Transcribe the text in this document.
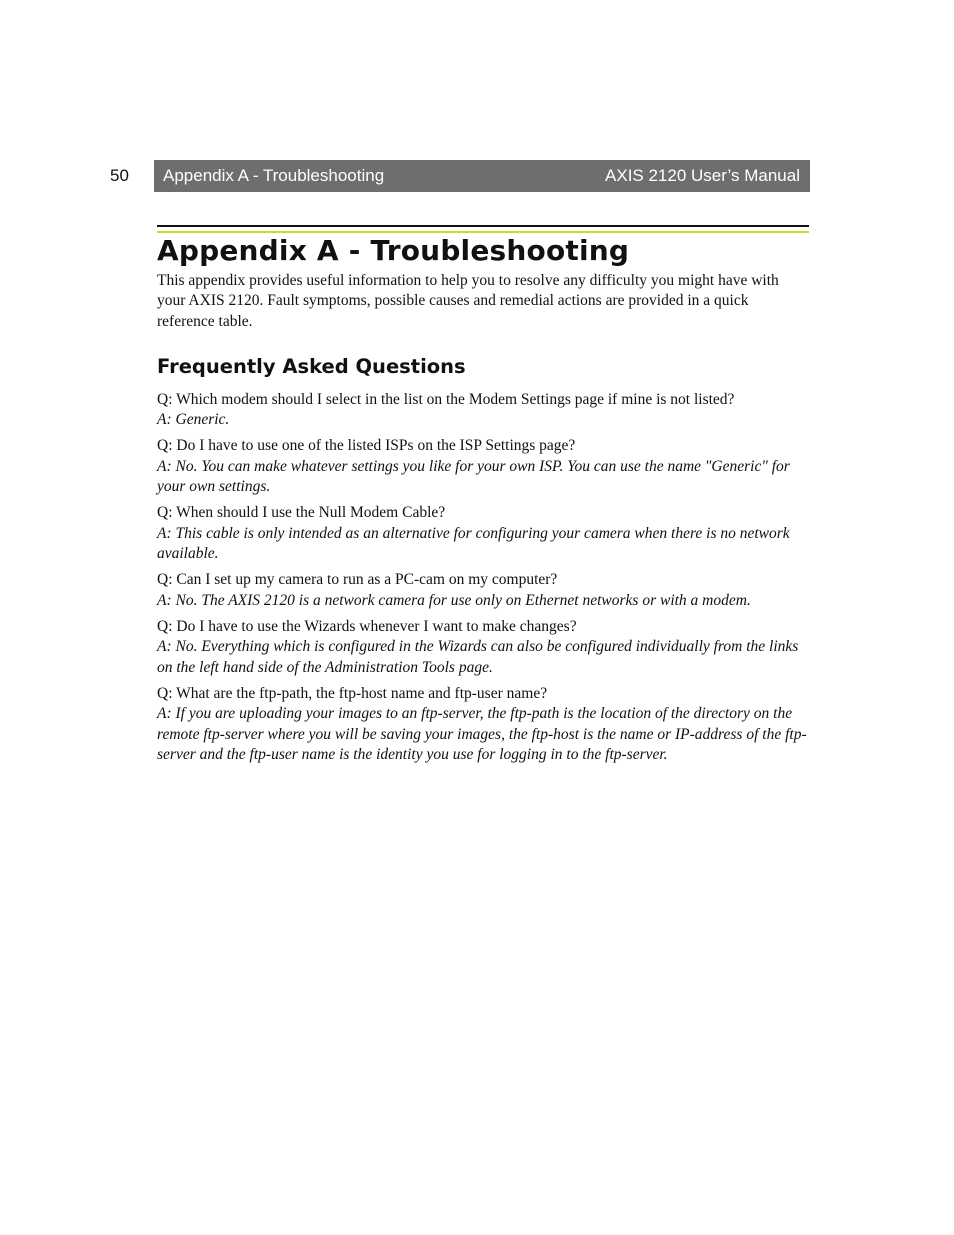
50 Appendix A - Troubleshooting	AXIS 2120 User’s Manual
Appendix A - Troubleshooting

This appendix provides useful information to help you to resolve any difficulty you might have with your AXIS 2120. Fault symptoms, possible causes and remedial actions are provided in a quick reference table.

Frequently Asked Questions
Q: Which modem should I select in the list on the Modem Settings page if mine is not listed?
A: Generic.
Q: Do I have to use one of the listed ISPs on the ISP Settings page?
A: No. You can make whatever settings you like for your own ISP. You can use the name "Generic" for your own settings.
Q: When should I use the Null Modem Cable?
A: This cable is only intended as an alternative for configuring your camera when there is no network available.
Q: Can I set up my camera to run as a PC-cam on my computer?
A: No. The AXIS 2120 is a network camera for use only on Ethernet networks or with a modem.
Q: Do I have to use the Wizards whenever I want to make changes?
A: No. Everything which is configured in the Wizards can also be configured individually from the links on the left hand side of the Administration Tools page.
Q: What are the ftp-path, the ftp-host name and ftp-user name?
A: If you are uploading your images to an ftp-server, the ftp-path is the location of the directory on the remote ftp-server where you will be saving your images, the ftp-host is the name or IP-address of the ftp-server and the ftp-user name is the identity you use for logging in to the ftp-server.
